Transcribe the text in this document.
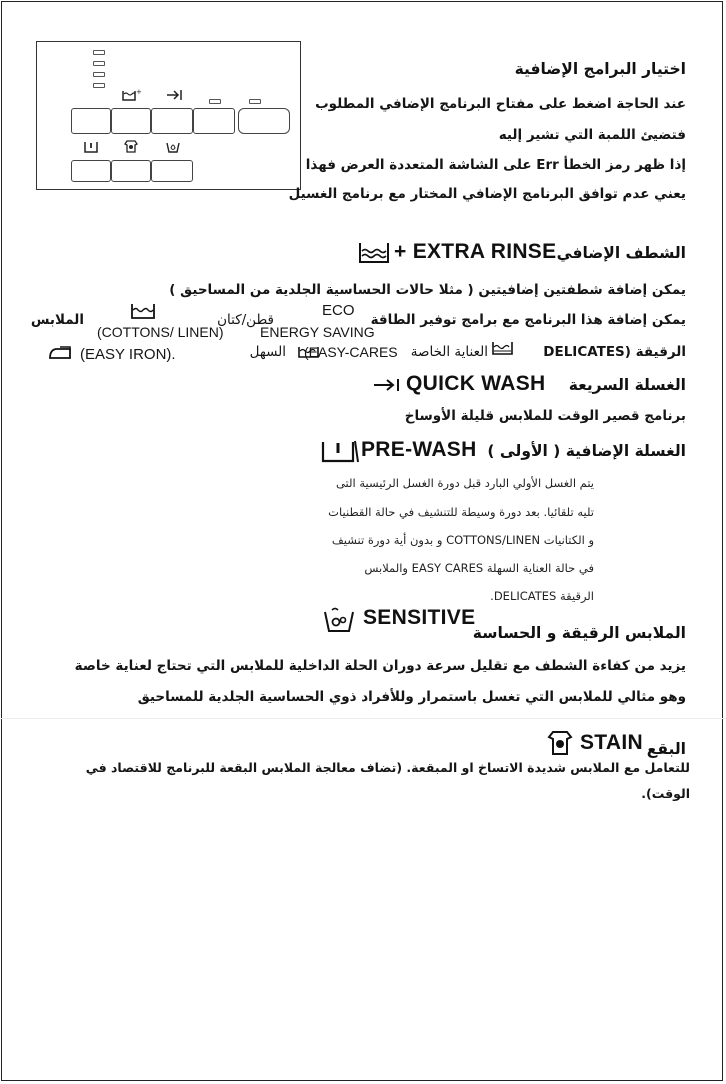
+
اختيار البرامج الإضافية
عند الحاجة اضغط على مفتاح البرنامج الإضافي المطلوب
فتضيئ اللمبة التي تشير إليه
إذا ظهر رمز الخطأ Err على الشاشة المتعددة العرض فهذا
يعني عدم توافق البرنامج الإضافي المختار مع برنامج الغسيل
الشطف الإضافي
+ EXTRA RINSE
يمكن إضافة شطفتين إضافيتين ( مثلا حالات الحساسية الجلدية من المساحيق )
يمكن إضافة هذا البرنامج مع برامج توفير الطاقة
ECO
قطن/كتان
الملابس
ENERGY SAVING
(COTTONS/ LINEN)
الرقيقة (DELICATES
العناية الخاصة
(EASY-CARES
السهل
(EASY IRON).
الغسلة السريعة
QUICK WASH
برنامج قصير الوقت للملابس قليلة الأوساخ
الغسلة الإضافية ( الأولى )
PRE-WASH
يتم الغسل الأولي البارد قبل دورة الغسل الرئيسية التى
تليه تلقائيا. بعد دورة وسيطة للتنشيف في حالة القطنيات
و الكتانيات COTTONS/LINEN و بدون أية دورة تنشيف
في حالة العناية السهلة EASY CARES والملابس
الرقيقة DELICATES.
الملابس الرقيقة و الحساسة
SENSITIVE
يزيد من كفاءة الشطف مع تقليل سرعة دوران الحلة الداخلية للملابس التي تحتاج لعناية خاصة
وهو مثالي للملابس التي تغسل باستمرار وللأفراد ذوي الحساسية الجلدية للمساحيق
البقع
STAIN
للتعامل مع الملابس شديدة الاتساخ او المبقعة. (تضاف معالجة الملابس البقعة للبرنامج للاقتصاد في
الوقت).
